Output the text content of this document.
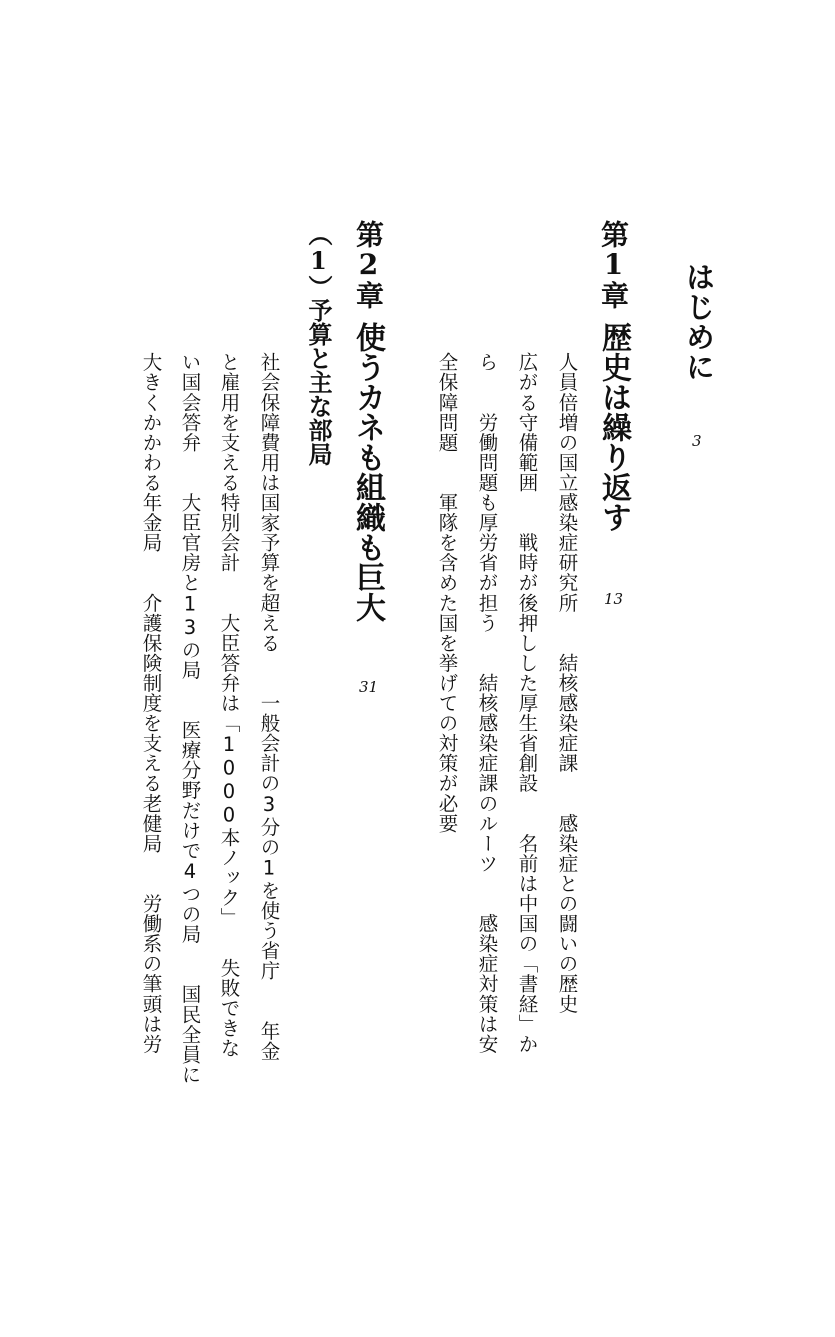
はじめに
3
第1章
歴史は繰り返す
13
人員倍増の国立感染症研究所　　結核感染症課　　感染症との闘いの歴史
広がる守備範囲　　戦時が後押しした厚生省創設　　名前は中国の「書経」か
ら　　労働問題も厚労省が担う　　結核感染症課のルーツ　　感染症対策は安
全保障問題　　軍隊を含めた国を挙げての対策が必要
第2章
使うカネも組織も巨大
31
（1）
予算と主な部局
社会保障費用は国家予算を超える　　一般会計の3分の1を使う省庁　　年金
と雇用を支える特別会計　　大臣答弁は「1000本ノック」　　失敗できな
い国会答弁　　大臣官房と13の局　　医療分野だけで4つの局　　国民全員に
大きくかかわる年金局　　介護保険制度を支える老健局　　労働系の筆頭は労
